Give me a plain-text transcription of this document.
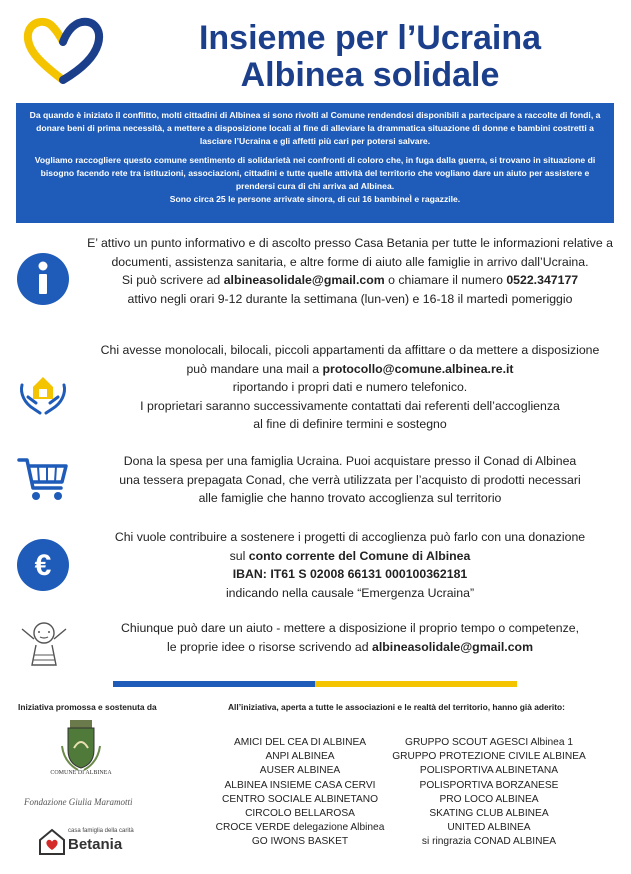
Insieme per l’Ucraina
Albinea solidale

Da quando è iniziato il conflitto, molti cittadini di Albinea si sono rivolti al Comune rendendosi disponibili a partecipare a raccolte di fondi, a donare beni di prima necessità, a mettere a disposizione locali al fine di alleviare la drammatica situazione di donne e bambini costretti a lasciare l’Ucraina e gli affetti più cari per potersi salvare.

Vogliamo raccogliere questo comune sentimento di solidarietà nei confronti di coloro che, in fuga dalla guerra, si trovano in situazione di bisogno facendo rete tra istituzioni, associazioni, cittadini e tutte quelle attività del territorio che vogliano dare un aiuto per assistere e prendersi cura di chi arriva ad Albinea.

Sono circa 25 le persone arrivate sinora, di cui 16 bambineÌ e ragazzile.

E’ attivo un punto informativo e di ascolto presso Casa Betania per tutte le informazioni relative a documenti, assistenza sanitaria, e altre forme di aiuto alle famiglie in arrivo dall’Ucraina.
Si può scrivere ad albineasolidale@gmail.com o chiamare il numero 0522.347177
attivo negli orari 9-12 durante la settimana (lun-ven) e 16-18 il martedì pomeriggio
Chi avesse monolocali, bilocali, piccoli appartamenti da affittare o da mettere a disposizione
può mandare una mail a protocollo@comune.albinea.re.it
riportando i propri dati e numero telefonico.
I proprietari saranno successivamente contattati dai referenti dell’accoglienza
al fine di definire termini e sostegno
Dona la spesa per una famiglia Ucraina. Puoi acquistare presso il Conad di Albinea
una tessera prepagata Conad, che verrà utilizzata per l’acquisto di prodotti necessari
alle famiglie che hanno trovato accoglienza sul territorio
€
Chi vuole contribuire a sostenere i progetti di accoglienza può farlo con una donazione
sul conto corrente del Comune di Albinea
IBAN: IT61 S 02008 66131 000100362181
indicando nella causale “Emergenza Ucraina”
Chiunque può dare un aiuto - mettere a disposizione il proprio tempo o competenze,
le proprie idee o risorse scrivendo ad albineasolidale@gmail.com
Iniziativa promossa e sostenuta da	All’iniziativa, aperta a tutte le associazioni e le realtà del territorio, hanno già aderito:
COMUNE DI ALBINEA
Fondazione Giulia Maramotti
casa famiglia della carità
Betania
AMICI DEL CEA DI ALBINEA
ANPI ALBINEA
AUSER ALBINEA
ALBINEA INSIEME CASA CERVI
CENTRO SOCIALE ALBINETANO
CIRCOLO BELLAROSA
CROCE VERDE delegazione Albinea
GO IWONS BASKET
GRUPPO SCOUT AGESCI Albinea 1
GRUPPO PROTEZIONE CIVILE ALBINEA
POLISPORTIVA ALBINETANA
POLISPORTIVA BORZANESE
PRO LOCO ALBINEA
SKATING CLUB ALBINEA
UNITED ALBINEA
si ringrazia CONAD ALBINEA
